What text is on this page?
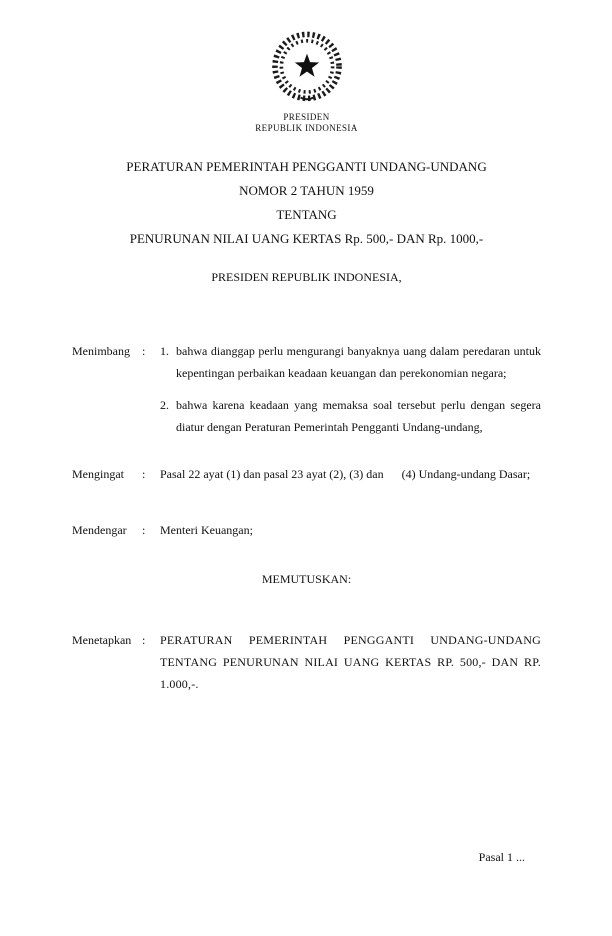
PRESIDEN
REPUBLIK INDONESIA
PERATURAN PEMERINTAH PENGGANTI UNDANG-UNDANG
NOMOR 2 TAHUN 1959
TENTANG
PENURUNAN NILAI UANG KERTAS Rp. 500,- DAN Rp. 1000,-
PRESIDEN REPUBLIK INDONESIA,
Menimbang	:	1. bahwa dianggap perlu mengurangi banyaknya uang dalam peredaran untuk kepentingan perbaikan keadaan keuangan dan perekonomian negara;
2. bahwa karena keadaan yang memaksa soal tersebut perlu dengan segera diatur dengan Peraturan Pemerintah Pengganti Undang-undang,
Mengingat	:	Pasal 22 ayat (1) dan pasal 23 ayat (2), (3) dan      (4) Undang-undang Dasar;
Mendengar	:	Menteri Keuangan;
MEMUTUSKAN:
Menetapkan :	PERATURAN PEMERINTAH PENGGANTI UNDANG-UNDANG TENTANG PENURUNAN NILAI UANG KERTAS RP. 500,- DAN RP. 1.000,-.
Pasal 1 ...
